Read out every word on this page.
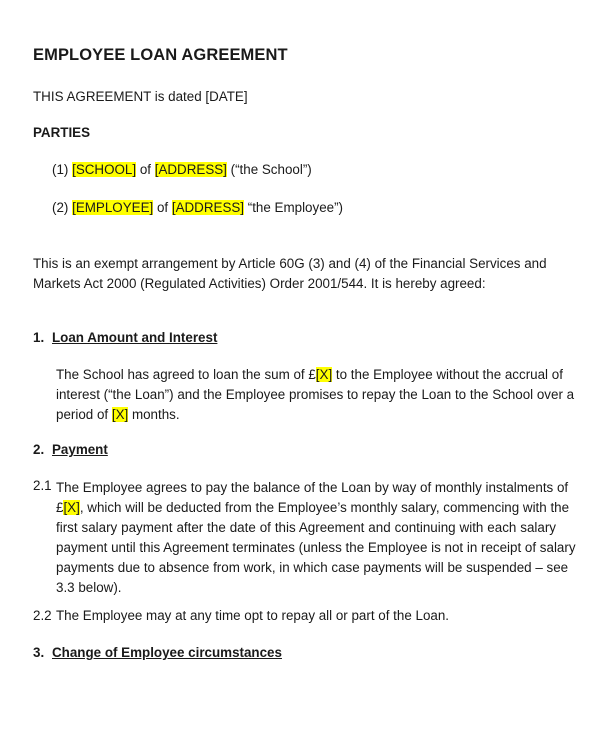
EMPLOYEE LOAN AGREEMENT
THIS AGREEMENT is dated [DATE]
PARTIES
(1) [SCHOOL] of [ADDRESS] (“the School”)
(2) [EMPLOYEE] of [ADDRESS] “the Employee”)
This is an exempt arrangement by Article 60G (3) and (4) of the Financial Services and
Markets Act 2000 (Regulated Activities) Order 2001/544. It is hereby agreed:
1. Loan Amount and Interest
The School has agreed to loan the sum of £[X] to the Employee without the accrual of
interest (“the Loan”) and the Employee promises to repay the Loan to the School over a
period of [X] months.
2. Payment
2.1 The Employee agrees to pay the balance of the Loan by way of monthly instalments of
£[X], which will be deducted from the Employee’s monthly salary, commencing with the
first salary payment after the date of this Agreement and continuing with each salary
payment until this Agreement terminates (unless the Employee is not in receipt of salary
payments due to absence from work, in which case payments will be suspended – see
3.3 below).
2.2 The Employee may at any time opt to repay all or part of the Loan.
3. Change of Employee circumstances
